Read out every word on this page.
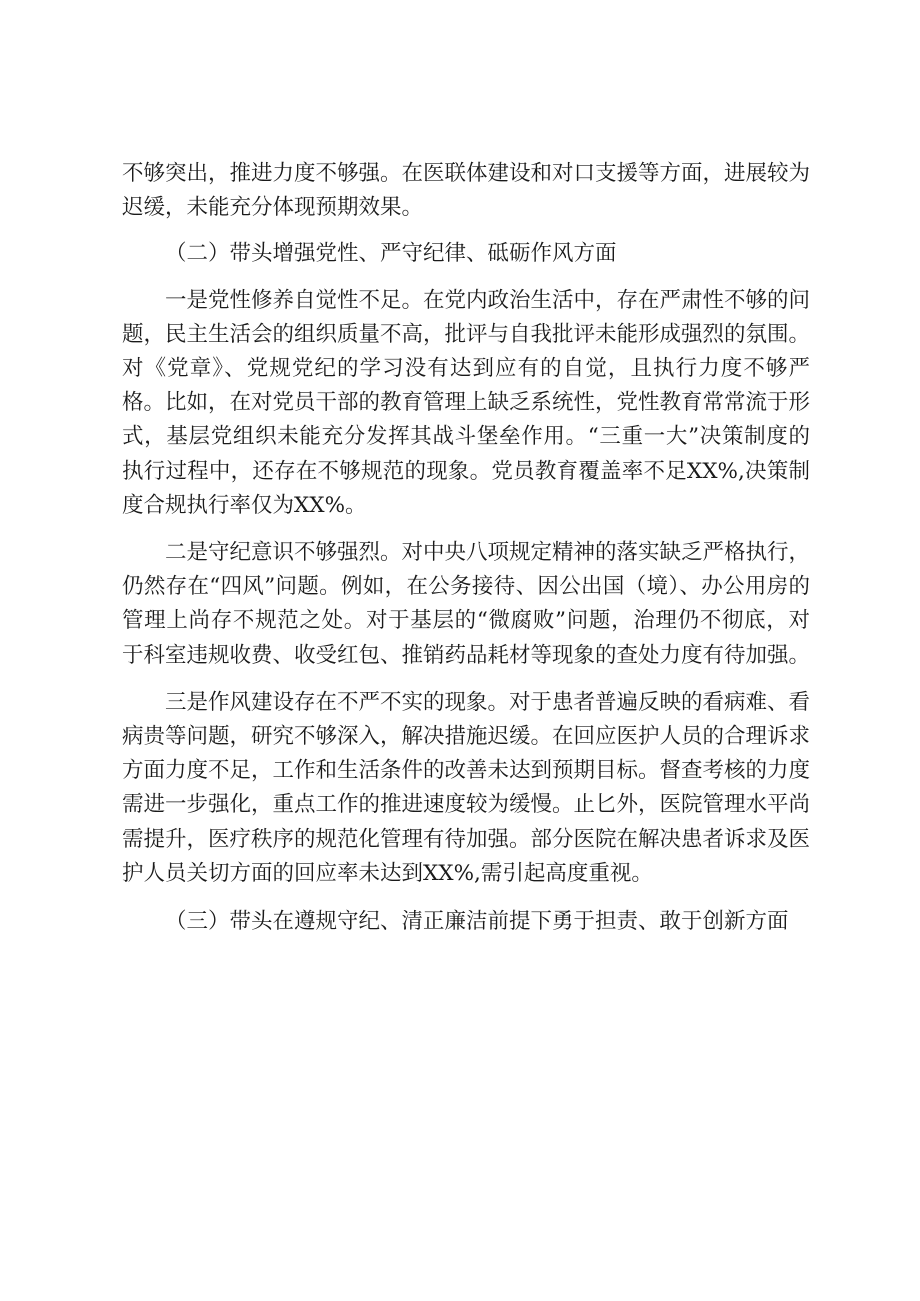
不够突出，推进力度不够强。在医联体建设和对口支援等方面，进展较为迟缓，未能充分体现预期效果。

（二）带头增强党性、严守纪律、砥砺作风方面

一是党性修养自觉性不足。在党内政治生活中，存在严肃性不够的问题，民主生活会的组织质量不高，批评与自我批评未能形成强烈的氛围。对《党章》、党规党纪的学习没有达到应有的自觉，且执行力度不够严格。比如，在对党员干部的教育管理上缺乏系统性，党性教育常常流于形式，基层党组织未能充分发挥其战斗堡垒作用。“三重一大”决策制度的执行过程中，还存在不够规范的现象。党员教育覆盖率不足XX%,决策制度合规执行率仅为XX%。

二是守纪意识不够强烈。对中央八项规定精神的落实缺乏严格执行，仍然存在“四风”问题。例如，在公务接待、因公出国（境）、办公用房的管理上尚存不规范之处。对于基层的“微腐败”问题，治理仍不彻底，对于科室违规收费、收受红包、推销药品耗材等现象的查处力度有待加强。

三是作风建设存在不严不实的现象。对于患者普遍反映的看病难、看病贵等问题，研究不够深入，解决措施迟缓。在回应医护人员的合理诉求方面力度不足，工作和生活条件的改善未达到预期目标。督查考核的力度需进一步强化，重点工作的推进速度较为缓慢。止匕外，医院管理水平尚需提升，医疗秩序的规范化管理有待加强。部分医院在解决患者诉求及医护人员关切方面的回应率未达到XX%,需引起高度重视。

（三）带头在遵规守纪、清正廉洁前提下勇于担责、敢于创新方面
